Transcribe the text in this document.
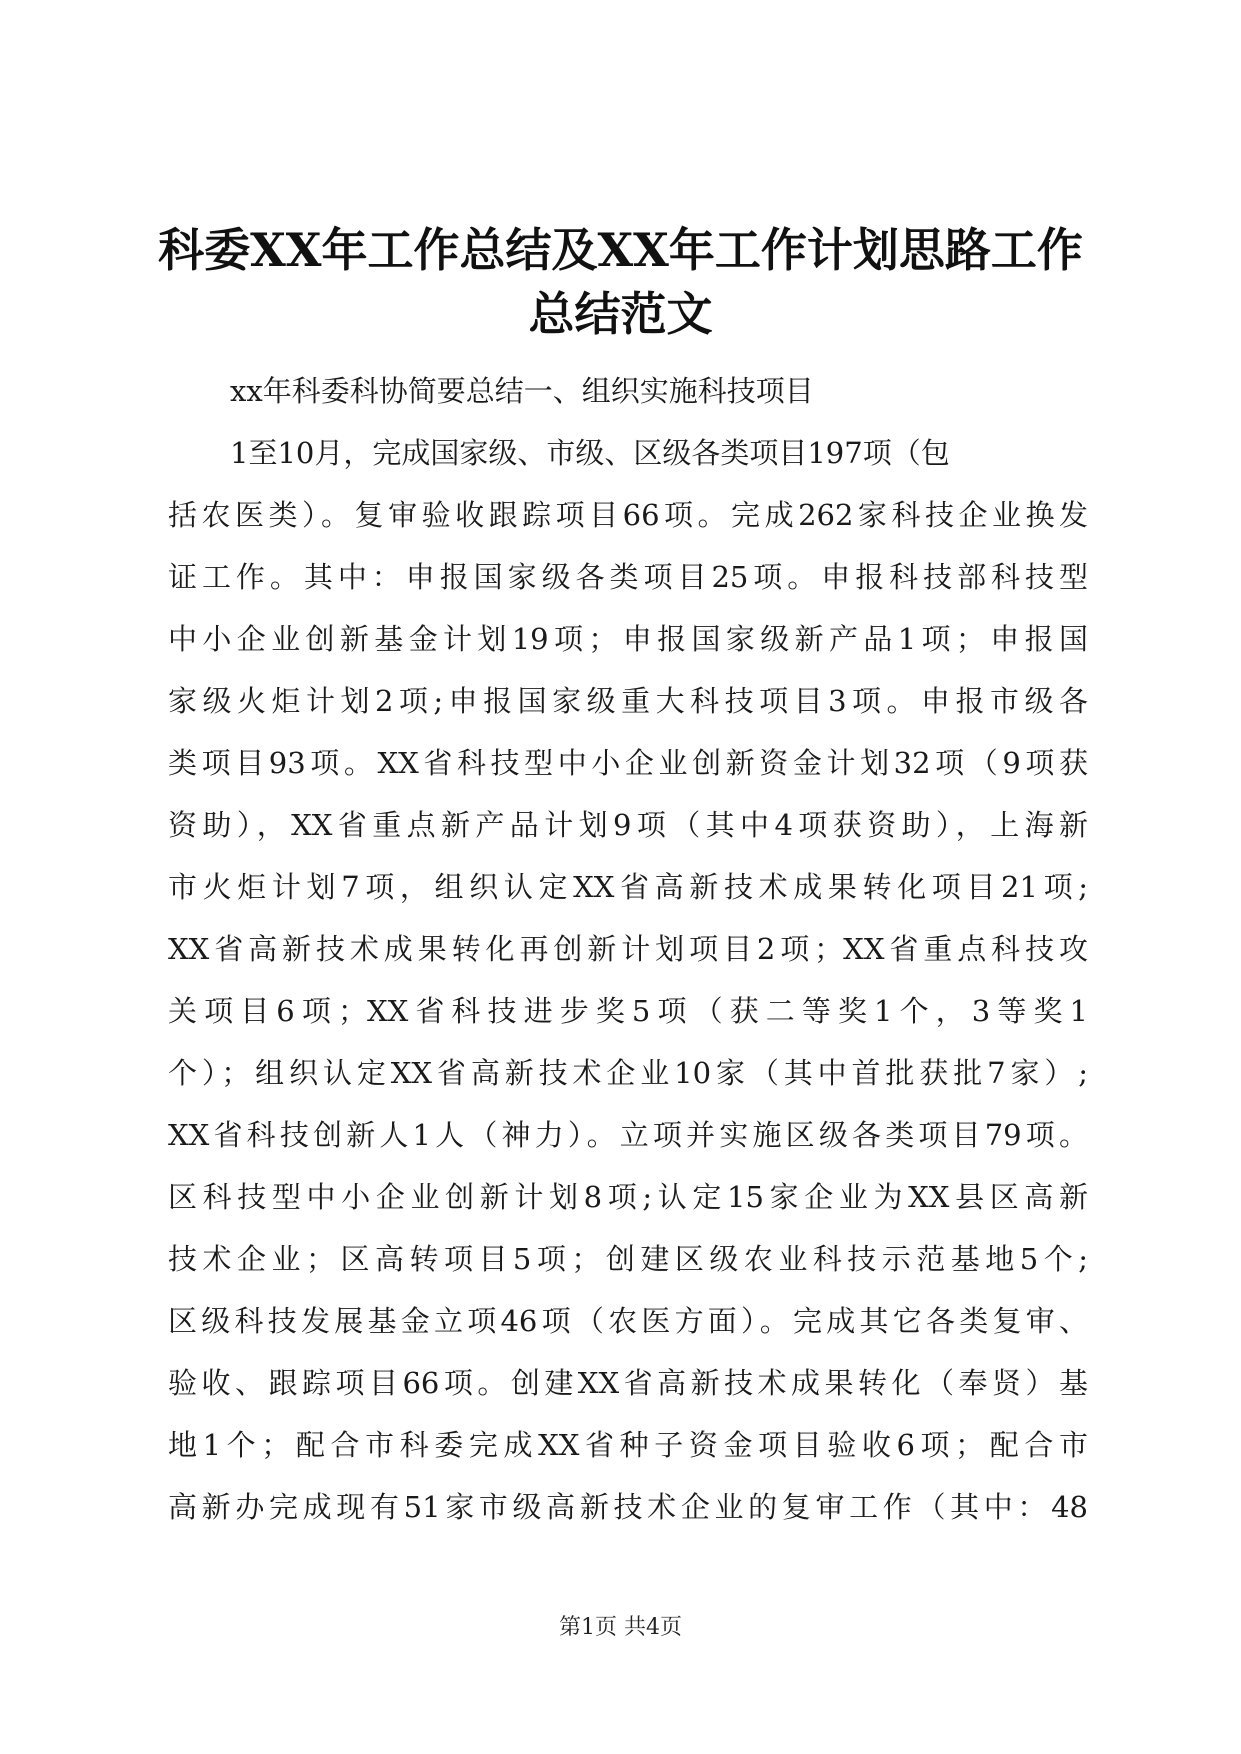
科委XX年工作总结及XX年工作计划思路工作
总结范文
xx年科委科协简要总结一、组织实施科技项目
1至10月，完成国家级、市级、区级各类项目197项（包
括农医类）。复审验收跟踪项目66项。完成262家科技企业换发
证工作。其中：申报国家级各类项目25项。申报科技部科技型
中小企业创新基金计划19项；申报国家级新产品1项；申报国
家级火炬计划2项;申报国家级重大科技项目3项。申报市级各
类项目93项。XX省科技型中小企业创新资金计划32项（9项获
资助），XX省重点新产品计划9项（其中4项获资助），上海新
市火炬计划7项，组织认定XX省高新技术成果转化项目21项;
XX省高新技术成果转化再创新计划项目2项；XX省重点科技攻
关项目6项；XX省科技进步奖5项（获二等奖1个，3等奖1
个）；组织认定XX省高新技术企业10家（其中首批获批7家）;
XX省科技创新人1人（神力）。立项并实施区级各类项目79项。
区科技型中小企业创新计划8项;认定15家企业为XX县区高新
技术企业；区高转项目5项；创建区级农业科技示范基地5个;
区级科技发展基金立项46项（农医方面）。完成其它各类复审、
验收、跟踪项目66项。创建XX省高新技术成果转化（奉贤）基
地1个；配合市科委完成XX省种子资金项目验收6项；配合市
高新办完成现有51家市级高新技术企业的复审工作（其中：48
第1页 共4页
